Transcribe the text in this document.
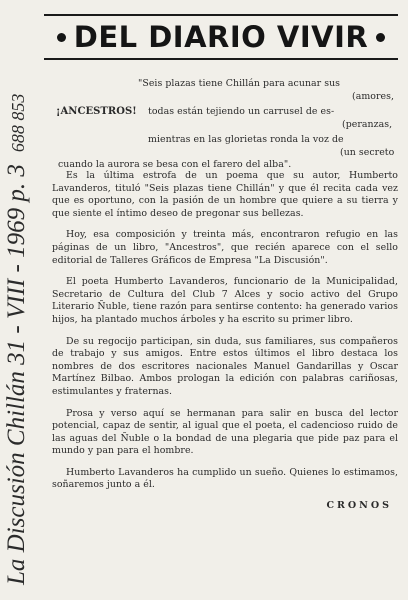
DEL DIARIO VIVIR
La Discusión Chillán 31 - VIII - 1969 p. 3688 853	¡ANCESTROS!
"Seis plazas tiene Chillán para acunar sus
(amores,
todas están tejiendo un carrusel de es-
(peranzas,
mientras en las glorietas ronda la voz de
(un secreto
cuando la aurora se besa con el farero del alba".

Es la última estrofa de un poema que su autor, Humberto Lavanderos, tituló "Seis plazas tiene Chillán" y que él recita cada vez que es oportuno, con la pasión de un hombre que quiere a su tierra y que siente el íntimo deseo de pregonar sus bellezas.

Hoy, esa composición y treinta más, encontraron refugio en las páginas de un libro, "Ancestros", que recién aparece con el sello editorial de Talleres Gráficos de Empresa "La Discusión".

El poeta Humberto Lavanderos, funcionario de la Municipalidad, Secretario de Cultura del Club 7 Alces y socio activo del Grupo Literario Ñuble, tiene razón para sentirse contento: ha generado varios hijos, ha plantado muchos árboles y ha escrito su primer libro.

De su regocijo participan, sin duda, sus familiares, sus compañeros de trabajo y sus amigos. Entre estos últimos el libro destaca los nombres de dos escritores nacionales Manuel Gandarillas y Oscar Martínez Bilbao. Ambos prologan la edición con palabras cariñosas, estimulantes y fraternas.

Prosa y verso aquí se hermanan para salir en busca del lector potencial, capaz de sentir, al igual que el poeta, el cadencioso ruido de las aguas del Ñuble o la bondad de una plegaria que pide paz para el mundo y pan para el hombre.

Humberto Lavanderos ha cumplido un sueño. Quienes lo estimamos, soñaremos junto a él.

CRONOS
